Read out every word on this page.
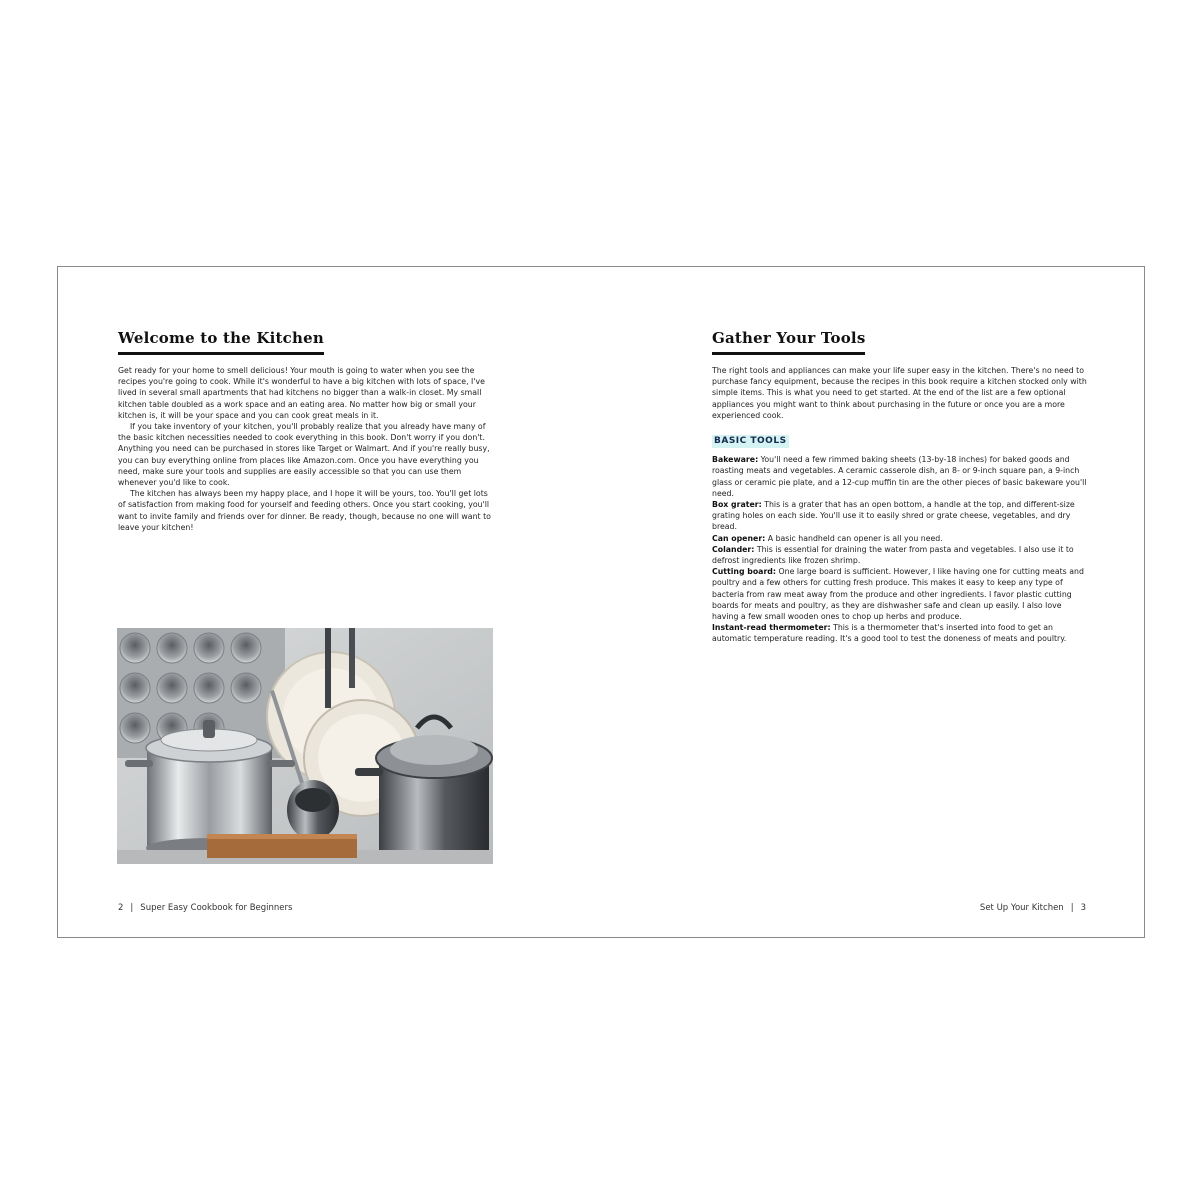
Welcome to the Kitchen

Get ready for your home to smell delicious! Your mouth is going to water when you see the recipes you're going to cook. While it's wonderful to have a big kitchen with lots of space, I've lived in several small apartments that had kitchens no bigger than a walk-in closet. My small kitchen table doubled as a work space and an eating area. No matter how big or small your kitchen is, it will be your space and you can cook great meals in it.

If you take inventory of your kitchen, you'll probably realize that you already have many of the basic kitchen necessities needed to cook everything in this book. Don't worry if you don't. Anything you need can be purchased in stores like Target or Walmart. And if you're really busy, you can buy everything online from places like Amazon.com. Once you have everything you need, make sure your tools and supplies are easily accessible so that you can use them whenever you'd like to cook.

The kitchen has always been my happy place, and I hope it will be yours, too. You'll get lots of satisfaction from making food for yourself and feeding others. Once you start cooking, you'll want to invite family and friends over for dinner. Be ready, though, because no one will want to leave your kitchen!

2 | Super Easy Cookbook for Beginners
Gather Your Tools

The right tools and appliances can make your life super easy in the kitchen. There's no need to purchase fancy equipment, because the recipes in this book require a kitchen stocked only with simple items. This is what you need to get started. At the end of the list are a few optional appliances you might want to think about purchasing in the future or once you are a more experienced cook.

BASIC TOOLS

Bakeware: You'll need a few rimmed baking sheets (13-by-18 inches) for baked goods and roasting meats and vegetables. A ceramic casserole dish, an 8- or 9-inch square pan, a 9-inch glass or ceramic pie plate, and a 12-cup muffin tin are the other pieces of basic bakeware you'll need.

Box grater: This is a grater that has an open bottom, a handle at the top, and different-size grating holes on each side. You'll use it to easily shred or grate cheese, vegetables, and dry bread.

Can opener: A basic handheld can opener is all you need.

Colander: This is essential for draining the water from pasta and vegetables. I also use it to defrost ingredients like frozen shrimp.

Cutting board: One large board is sufficient. However, I like having one for cutting meats and poultry and a few others for cutting fresh produce. This makes it easy to keep any type of bacteria from raw meat away from the produce and other ingredients. I favor plastic cutting boards for meats and poultry, as they are dishwasher safe and clean up easily. I also love having a few small wooden ones to chop up herbs and produce.

Instant-read thermometer: This is a thermometer that's inserted into food to get an automatic temperature reading. It's a good tool to test the doneness of meats and poultry.

Set Up Your Kitchen | 3
